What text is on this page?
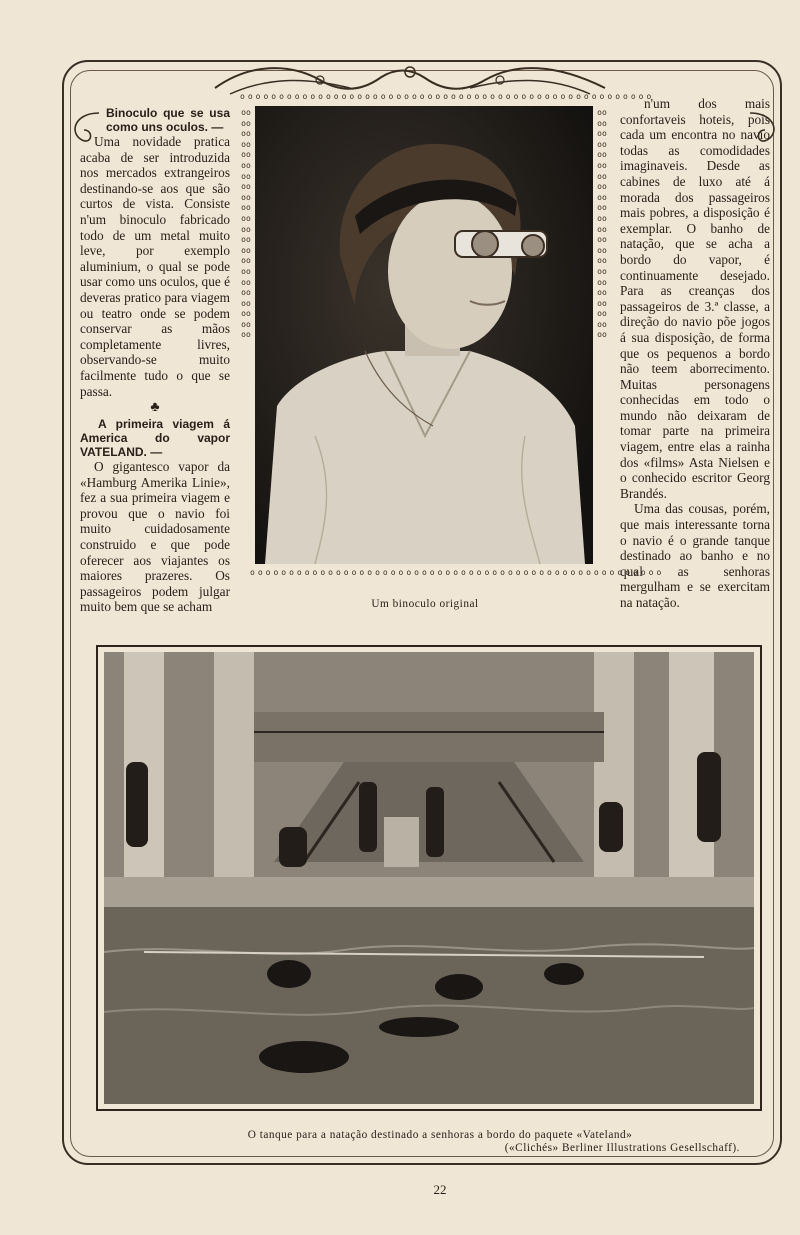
Binoculo que se usa como uns oculos. —

Uma novidade pratica acaba de ser introduzida nos mercados extrangeiros destinando-se aos que são curtos de vista. Consiste n'um binoculo fabricado todo de um metal muito leve, por exemplo aluminium, o qual se pode usar como uns oculos, que é deveras pratico para viagem ou teatro onde se podem conservar as mãos completamente livres, observando-se muito facilmente tudo o que se passa.

♣
A primeira viagem á America do vapor VATELAND. —

O gigantesco vapor da «Hamburg Amerika Linie», fez a sua primeira viagem e provou que o navio foi muito cuidadosamente construido e que pode oferecer aos viajantes os maiores prazeres. Os passageiros podem julgar muito bem que se acham

oooooooooooooooooooooooooooooooooooooooooooo
oooooooooooooooooooooooooooooooooooooooooooo
ooooooooooooooooooooooooooooooooooooooooooooooooooooo
ooooooooooooooooooooooooooooooooooooooooooooooooooooo
Um binoculo original

n'um dos mais confortaveis hoteis, pois cada um encontra no navio todas as comodidades imaginaveis. Desde as cabines de luxo até á morada dos passageiros mais pobres, a disposição é exemplar. O banho de natação, que se acha a bordo do vapor, é continuamente desejado. Para as creanças dos passageiros de 3.ª classe, a direção do navio põe jogos á sua disposição, de forma que os pequenos a bordo não teem aborrecimento. Muitas personagens conhecidas em todo o mundo não deixaram de tomar parte na primeira viagem, entre elas a rainha dos «films» Asta Nielsen e o conhecido escritor Georg Brandés.

Uma das cousas, porém, que mais interessante torna o navio é o grande tanque destinado ao banho e no qual as senhoras mergulham e se exercitam na natação.

O tanque para a natação destinado a senhoras a bordo do paquete «Vateland»
(«Clichés» Berliner Illustrations Gesellschaff).
22
